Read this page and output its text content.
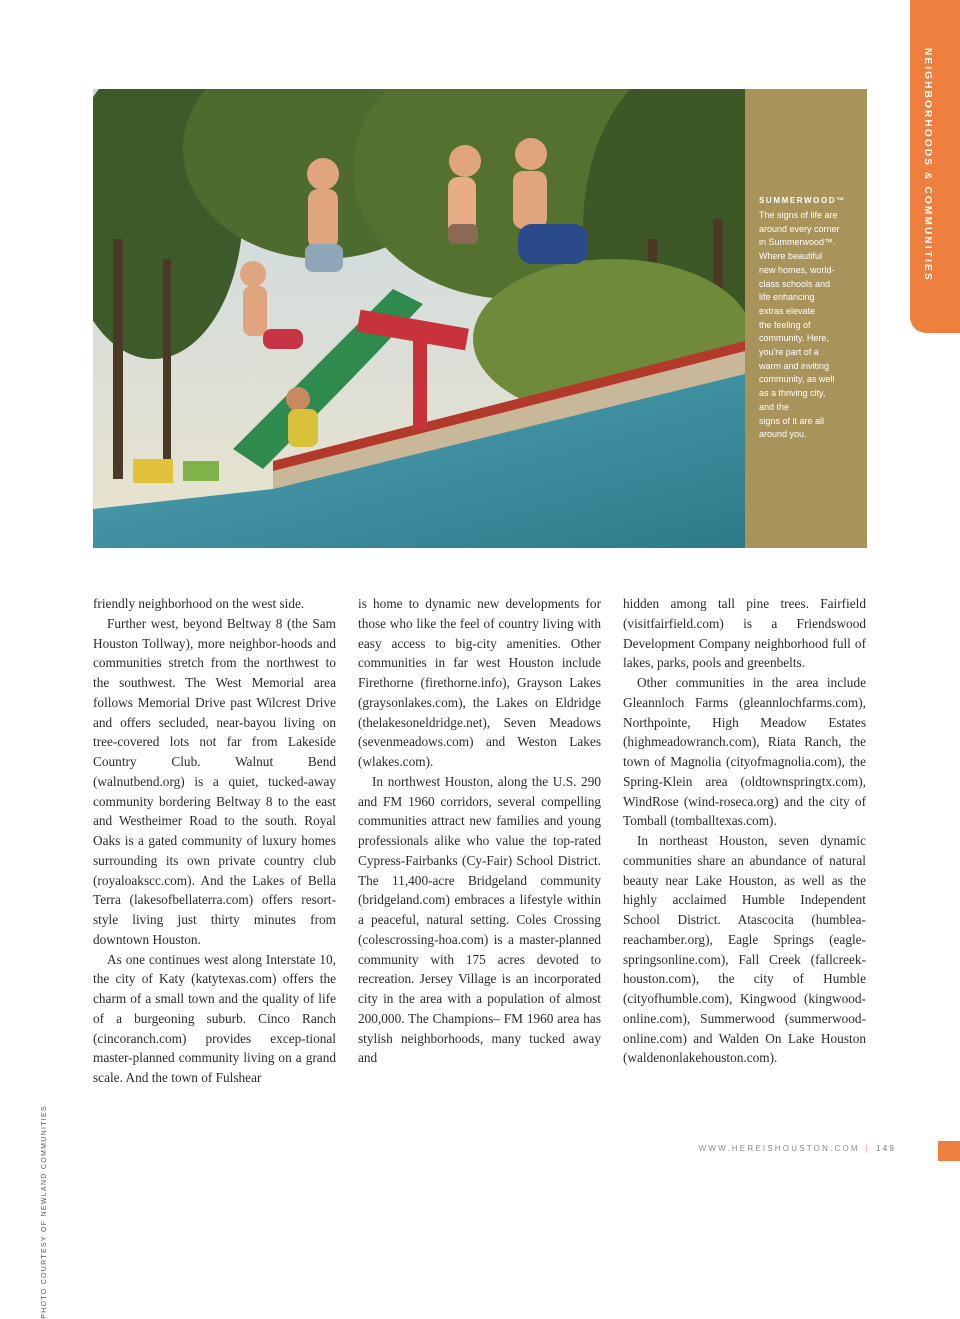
NEIGHBORHOODS & COMMUNITIES
SUMMERWOOD™
The signs of life are
around every corner
in Summerwood™.
Where beautiful
new homes, world-
class schools and
life enhancing
extras elevate
the feeling of
community. Here,
you're part of a
warm and inviting
community, as well
as a thriving city,
and the
signs of it are all
around you.

friendly neighborhood on the west side.

Further west, beyond Beltway 8 (the Sam Houston Tollway), more neighbor-hoods and communities stretch from the northwest to the southwest. The West Memorial area follows Memorial Drive past Wilcrest Drive and offers secluded, near-bayou living on tree-covered lots not far from Lakeside Country Club. Walnut Bend (walnutbend.org) is a quiet, tucked-away community bordering Beltway 8 to the east and Westheimer Road to the south. Royal Oaks is a gated community of luxury homes surrounding its own private country club (royaloakscc.com). And the Lakes of Bella Terra (lakesofbellaterra.com) offers resort-style living just thirty minutes from downtown Houston.

As one continues west along Interstate 10, the city of Katy (katytexas.com) offers the charm of a small town and the quality of life of a burgeoning suburb. Cinco Ranch (cincoranch.com) provides excep-tional master-planned community living on a grand scale. And the town of Fulshear

is home to dynamic new developments for those who like the feel of country living with easy access to big-city amenities. Other communities in far west Houston include Firethorne (firethorne.info), Grayson Lakes (graysonlakes.com), the Lakes on Eldridge (thelakesoneldridge.net), Seven Meadows (sevenmeadows.com) and Weston Lakes (wlakes.com).

In northwest Houston, along the U.S. 290 and FM 1960 corridors, several compelling communities attract new families and young professionals alike who value the top-rated Cypress-Fairbanks (Cy-Fair) School District. The 11,400-acre Bridgeland community (bridgeland.com) embraces a lifestyle within a peaceful, natural setting. Coles Crossing (colescrossing-hoa.com) is a master-planned community with 175 acres devoted to recreation. Jersey Village is an incorporated city in the area with a population of almost 200,000. The Champions– FM 1960 area has stylish neighborhoods, many tucked away and

hidden among tall pine trees. Fairfield (visitfairfield.com) is a Friendswood Development Company neighborhood full of lakes, parks, pools and greenbelts.

Other communities in the area include Gleannloch Farms (gleannlochfarms.com), Northpointe, High Meadow Estates (highmeadowranch.com), Riata Ranch, the town of Magnolia (cityofmagnolia.com), the Spring-Klein area (oldtownspringtx.com), WindRose (wind-roseca.org) and the city of Tomball (tomballtexas.com).

In northeast Houston, seven dynamic communities share an abundance of natural beauty near Lake Houston, as well as the highly acclaimed Humble Independent School District. Atascocita (humblea-reachamber.org), Eagle Springs (eagle-springsonline.com), Fall Creek (fallcreek-houston.com), the city of Humble (cityofhumble.com), Kingwood (kingwood-online.com), Summerwood (summerwood-online.com) and Walden On Lake Houston (waldenonlakehouston.com).

PHOTO COURTESY OF NEWLAND COMMUNITIES	WWW.HEREISHOUSTON.COM | 149
